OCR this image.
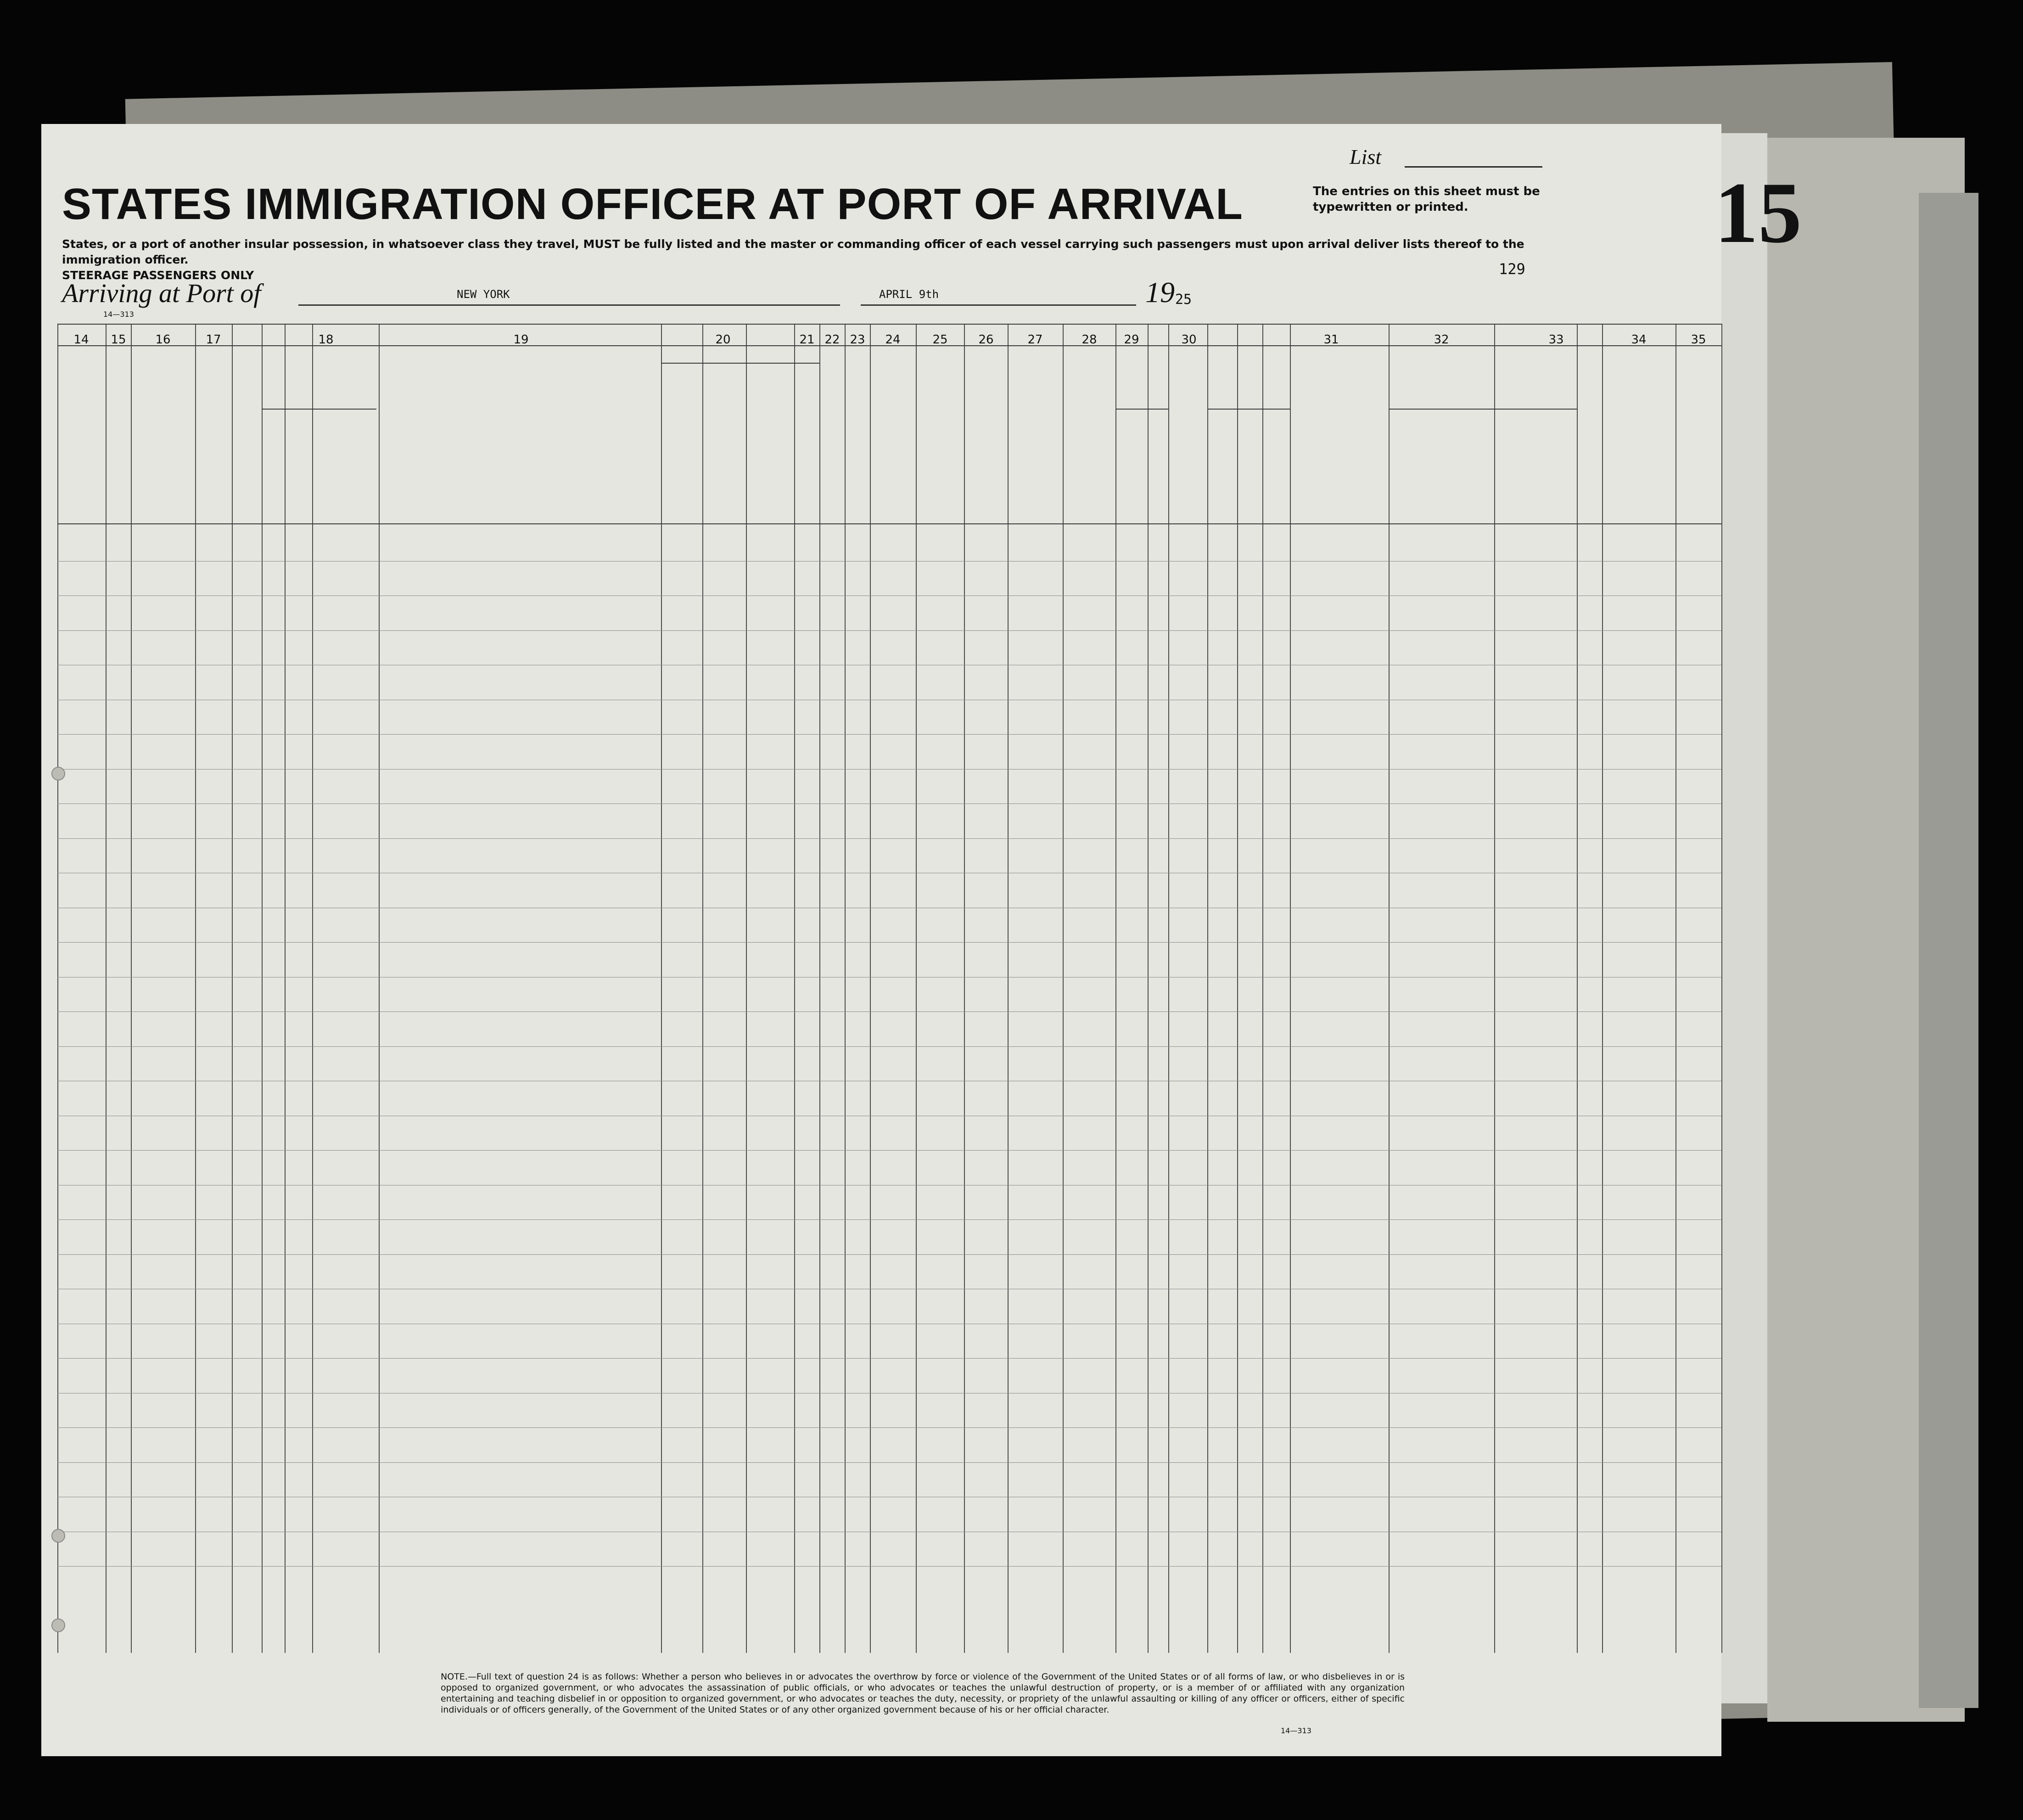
List
STATES IMMIGRATION OFFICER AT PORT OF ARRIVAL	The entries on this sheet must be typewritten or printed.	15
States, or a port of another insular possession, in whatsoever class they travel, MUST be fully listed and the master or commanding officer of each vessel carrying such passengers must upon arrival deliver lists thereof to the immigration officer.
STEERAGE PASSENGERS ONLY
Arriving at Port of	NEW YORK	APRIL 9th	19 25
129
14—313
14 15 16	17	18	19	20	21 22 23 24	25	26	27	28 29	30	31	32	33	34	35
NOTE.—Full text of question 24 is as follows: Whether a person who believes in or advocates the overthrow by force or violence of the Government of the United States or of all forms of law, or who disbelieves in or is opposed to organized government, or who advocates the assassination of public officials, or who advocates or teaches the unlawful destruction of property, or is a member of or affiliated with any organization entertaining and teaching disbelief in or opposition to organized government, or who advocates or teaches the duty, necessity, or propriety of the unlawful assaulting or killing of any officer or officers, either of specific individuals or of officers generally, of the Government of the United States or of any other organized government because of his or her official character.
14—313
